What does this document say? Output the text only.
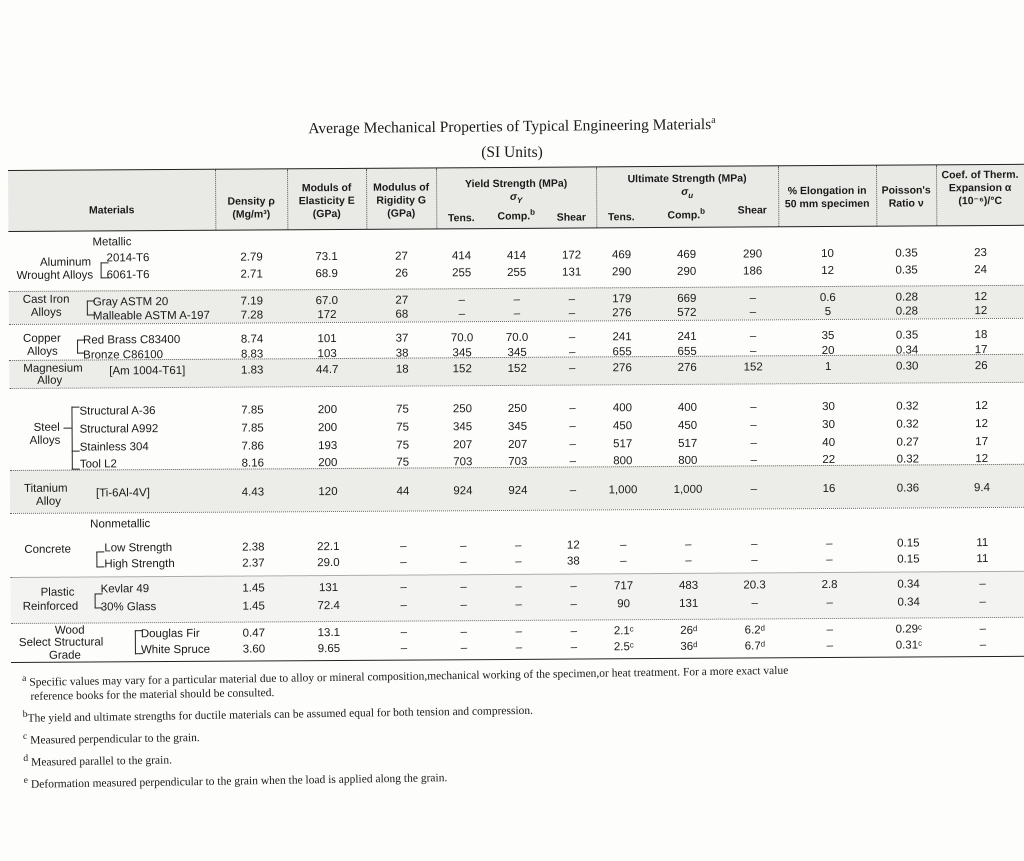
Average Mechanical Properties of Typical Engineering Materials$^a$
(SI Units)
Materials
Density ρ
(Mg/m³)
Moduls of
Elasticity E
(GPa)
Modulus of
Rigidity G
(GPa)
Yield Strength (MPa)
$\sigma_Y$
Tens.	Comp.$^b$	Shear
Ultimate Strength (MPa)
$\sigma_u$
Tens.	Comp.$^b$	Shear
% Elongation in
50 mm specimen
Poisson's
Ratio ν
Coef. of Therm.
Expansion α
(10⁻⁶)/°C
Metallic
Nonmetallic
Aluminum
Wrought Alloys
Cast Iron
Alloys
Copper
Alloys
Magnesium
Alloy
Steel
Alloys
Titanium
Alloy
Concrete
Plastic
Reinforced
Wood
Select Structural
Grade
2014-T6	2.79	73.1	27	414	414	172	469	469	290	10	0.35	23
6061-T6	2.71	68.9	26	255	255	131	290	290	186	12	0.35	24
Gray ASTM 20	7.19	67.0	27	–	–	–	179	669	–	0.6	0.28	12
Malleable ASTM A-197	7.28	172	68	–	–	–	276	572	–	5	0.28	12
Red Brass C83400	8.74	101	37	70.0	70.0	–	241	241	–	35	0.35	18
Bronze C86100	8.83	103	38	345	345	–	655	655	–	20	0.34	17
[Am 1004-T61]	1.83	44.7	18	152	152	–	276	276	152	1	0.30	26
Structural A-36	7.85	200	75	250	250	–	400	400	–	30	0.32	12
Structural A992	7.85	200	75	345	345	–	450	450	–	30	0.32	12
Stainless 304	7.86	193	75	207	207	–	517	517	–	40	0.27	17
Tool L2	8.16	200	75	703	703	–	800	800	–	22	0.32	12
[Ti-6Al-4V]	4.43	120	44	924	924	–	1,000	1,000	–	16	0.36	9.4
Low Strength	2.38	22.1	–	–	–	12	–	–	–	–	0.15	11
High Strength	2.37	29.0	–	–	–	38	–	–	–	–	0.15	11
Kevlar 49	1.45	131	–	–	–	–	717	483	20.3	2.8	0.34	–
30% Glass	1.45	72.4	–	–	–	–	90	131	–	–	0.34	–
Douglas Fir	0.47	13.1	–	–	–	–	2.1ᶜ	26ᵈ	6.2ᵈ	–	0.29ᶜ	–
White Spruce	3.60	9.65	–	–	–	–	2.5ᶜ	36ᵈ	6.7ᵈ	–	0.31ᶜ	–

$^a$ Specific values may vary for a particular material due to alloy or mineral composition,mechanical working of the specimen,or heat treatment. For a more exact value
reference books for the material should be consulted.

$^b$The yield and ultimate strengths for ductile materials can be assumed equal for both tension and compression.

$^c$ Measured perpendicular to the grain.

$^d$ Measured parallel to the grain.

$^e$ Deformation measured perpendicular to the grain when the load is applied along the grain.
